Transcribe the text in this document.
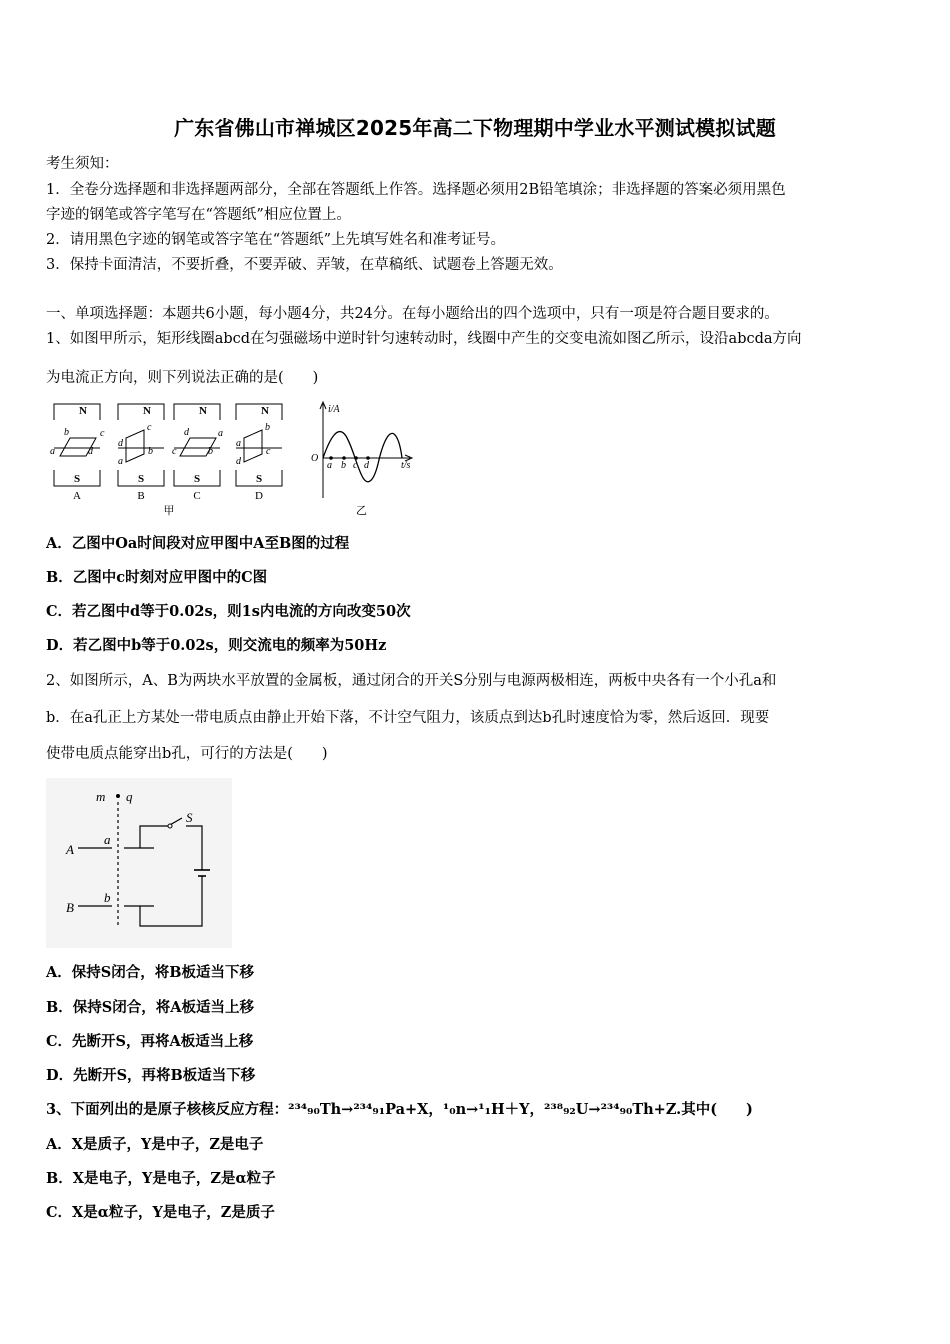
广东省佛山市禅城区2025年高二下物理期中学业水平测试模拟试题
考生须知：
1．全卷分选择题和非选择题两部分，全部在答题纸上作答。选择题必须用2B铅笔填涂；非选择题的答案必须用黑色
字迹的钢笔或答字笔写在“答题纸”相应位置上。
2．请用黑色字迹的钢笔或答字笔在“答题纸”上先填写姓名和准考证号。
3．保持卡面清洁，不要折叠，不要弄破、弄皱，在草稿纸、试题卷上答题无效。
一、单项选择题：本题共6小题，每小题4分，共24分。在每小题给出的四个选项中，只有一项是符合题目要求的。
1、如图甲所示，矩形线圈abcd在匀强磁场中逆时针匀速转动时，线圈中产生的交变电流如图乙所示，设沿abcda方向
为电流正方向，则下列说法正确的是(　　)
N	N	N	N
S	S	S	S
A	B	C	D
甲
a
b	c
d
d
a
c
b c
d	a
b
a
d
b
c
i/A
t/s
O
a b c d
乙
A．乙图中Oa时间段对应甲图中A至B图的过程
B．乙图中c时刻对应甲图中的C图
C．若乙图中d等于0.02s，则1s内电流的方向改变50次
D．若乙图中b等于0.02s，则交流电的频率为50Hz
2、如图所示，A、B为两块水平放置的金属板，通过闭合的开关S分别与电源两极相连，两板中央各有一个小孔a和
b．在a孔正上方某处一带电质点由静止开始下落，不计空气阻力，该质点到达b孔时速度恰为零，然后返回．现要
使带电质点能穿出b孔，可行的方法是(　　)
m q
S
A
a
B
b
A．保持S闭合，将B板适当下移
B．保持S闭合，将A板适当上移
C．先断开S，再将A板适当上移
D．先断开S，再将B板适当下移
3、下面列出的是原子核核反应方程：²³⁴₉₀Th→²³⁴₉₁Pa+X，¹₀n→¹₁H＋Y，²³⁸₉₂U→²³⁴₉₀Th+Z.其中(　　)
A．X是质子，Y是中子，Z是电子
B．X是电子，Y是电子，Z是α粒子
C．X是α粒子，Y是电子，Z是质子
